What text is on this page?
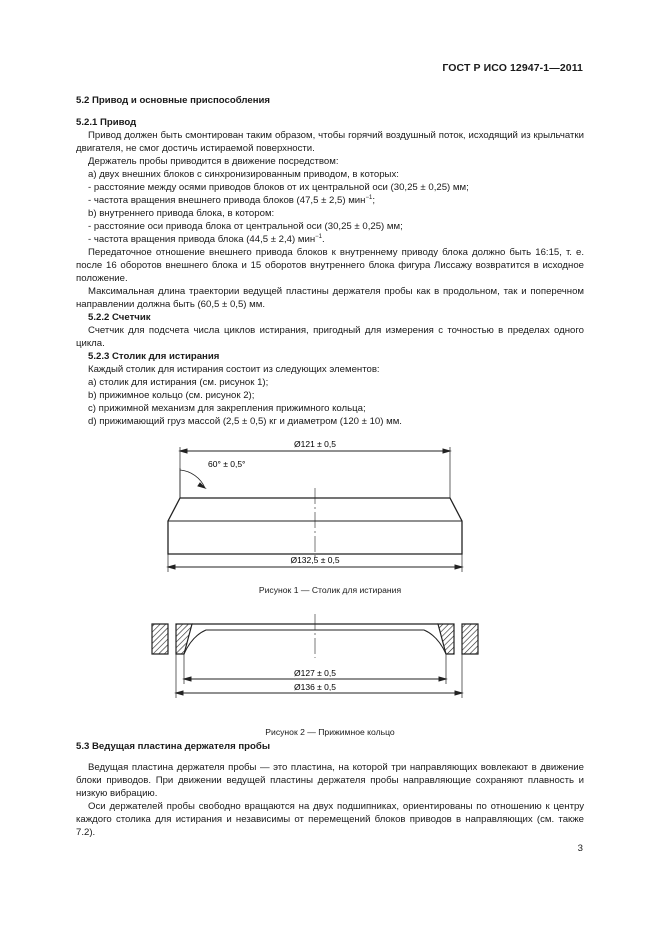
ГОСТ Р ИСО 12947-1—2011
5.2 Привод и основные приспособления
5.2.1 Привод

Привод должен быть смонтирован таким образом, чтобы горячий воздушный поток, исходящий из крыльчатки двигателя, не смог достичь истираемой поверхности.

Держатель пробы приводится в движение посредством:

а) двух внешних блоков с синхронизированным приводом, в которых:

- расстояние между осями приводов блоков от их центральной оси (30,25 ± 0,25) мм;

- частота вращения внешнего привода блоков (47,5 ± 2,5) мин$^{-1}$;

b) внутреннего привода блока, в котором:

- расстояние оси привода блока от центральной оси (30,25 ± 0,25) мм;

- частота вращения привода блока (44,5 ± 2,4) мин$^{-1}$.

Передаточное отношение внешнего привода блоков к внутреннему приводу блока должно быть 16:15, т. е. после 16 оборотов внешнего блока и 15 оборотов внутреннего блока фигура Лиссажу возвратится в исходное положение.

Максимальная длина траектории ведущей пластины держателя пробы как в продольном, так и поперечном направлении должна быть (60,5 ± 0,5) мм.

5.2.2 Счетчик

Счетчик для подсчета числа циклов истирания, пригодный для измерения с точностью в пределах одного цикла.

5.2.3 Столик для истирания

Каждый столик для истирания состоит из следующих элементов:

а) столик для истирания (см. рисунок 1);

b) прижимное кольцо (см. рисунок 2);

c) прижимной механизм для закрепления прижимного кольца;

d) прижимающий груз массой (2,5 ± 0,5) кг и диаметром (120 ± 10) мм.

Ø121 ± 0,5
60° ± 0,5°
Ø132,5 ± 0,5

Рисунок 1 — Столик для истирания

Ø127 ± 0,5
Ø136 ± 0,5

Рисунок 2 — Прижимное кольцо

5.3 Ведущая пластина держателя пробы

Ведущая пластина держателя пробы — это пластина, на которой три направляющих вовлекают в движение блоки приводов. При движении ведущей пластины держателя пробы направляющие сохраняют плавность и низкую вибрацию.

Оси держателей пробы свободно вращаются на двух подшипниках, ориентированы по отношению к центру каждого столика для истирания и независимы от перемещений блоков приводов в направляющих (см. также 7.2).

3
